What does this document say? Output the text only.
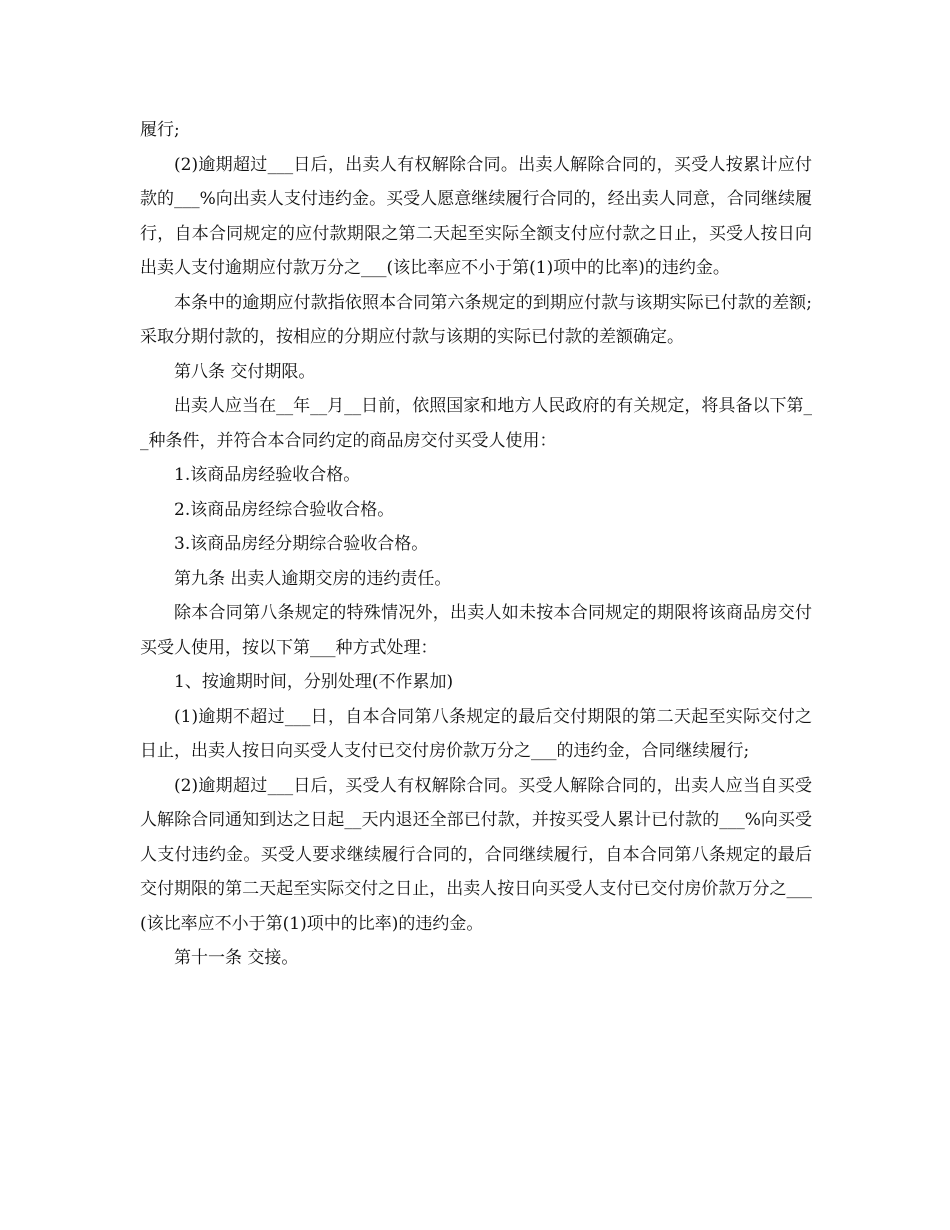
履行;

(2)逾期超过___日后，出卖人有权解除合同。出卖人解除合同的，买受人按累计应付款的___%向出卖人支付违约金。买受人愿意继续履行合同的，经出卖人同意，合同继续履行，自本合同规定的应付款期限之第二天起至实际全额支付应付款之日止，买受人按日向出卖人支付逾期应付款万分之___(该比率应不小于第(1)项中的比率)的违约金。

本条中的逾期应付款指依照本合同第六条规定的到期应付款与该期实际已付款的差额;采取分期付款的，按相应的分期应付款与该期的实际已付款的差额确定。

第八条 交付期限。

出卖人应当在__年__月__日前，依照国家和地方人民政府的有关规定，将具备以下第__种条件，并符合本合同约定的商品房交付买受人使用：

1.该商品房经验收合格。

2.该商品房经综合验收合格。

3.该商品房经分期综合验收合格。

第九条 出卖人逾期交房的违约责任。

除本合同第八条规定的特殊情况外，出卖人如未按本合同规定的期限将该商品房交付买受人使用，按以下第___种方式处理：

1、按逾期时间，分别处理(不作累加)

(1)逾期不超过___日，自本合同第八条规定的最后交付期限的第二天起至实际交付之日止，出卖人按日向买受人支付已交付房价款万分之___的违约金，合同继续履行;

(2)逾期超过___日后，买受人有权解除合同。买受人解除合同的，出卖人应当自买受人解除合同通知到达之日起__天内退还全部已付款，并按买受人累计已付款的___%向买受人支付违约金。买受人要求继续履行合同的，合同继续履行，自本合同第八条规定的最后交付期限的第二天起至实际交付之日止，出卖人按日向买受人支付已交付房价款万分之___(该比率应不小于第(1)项中的比率)的违约金。

第十一条 交接。
